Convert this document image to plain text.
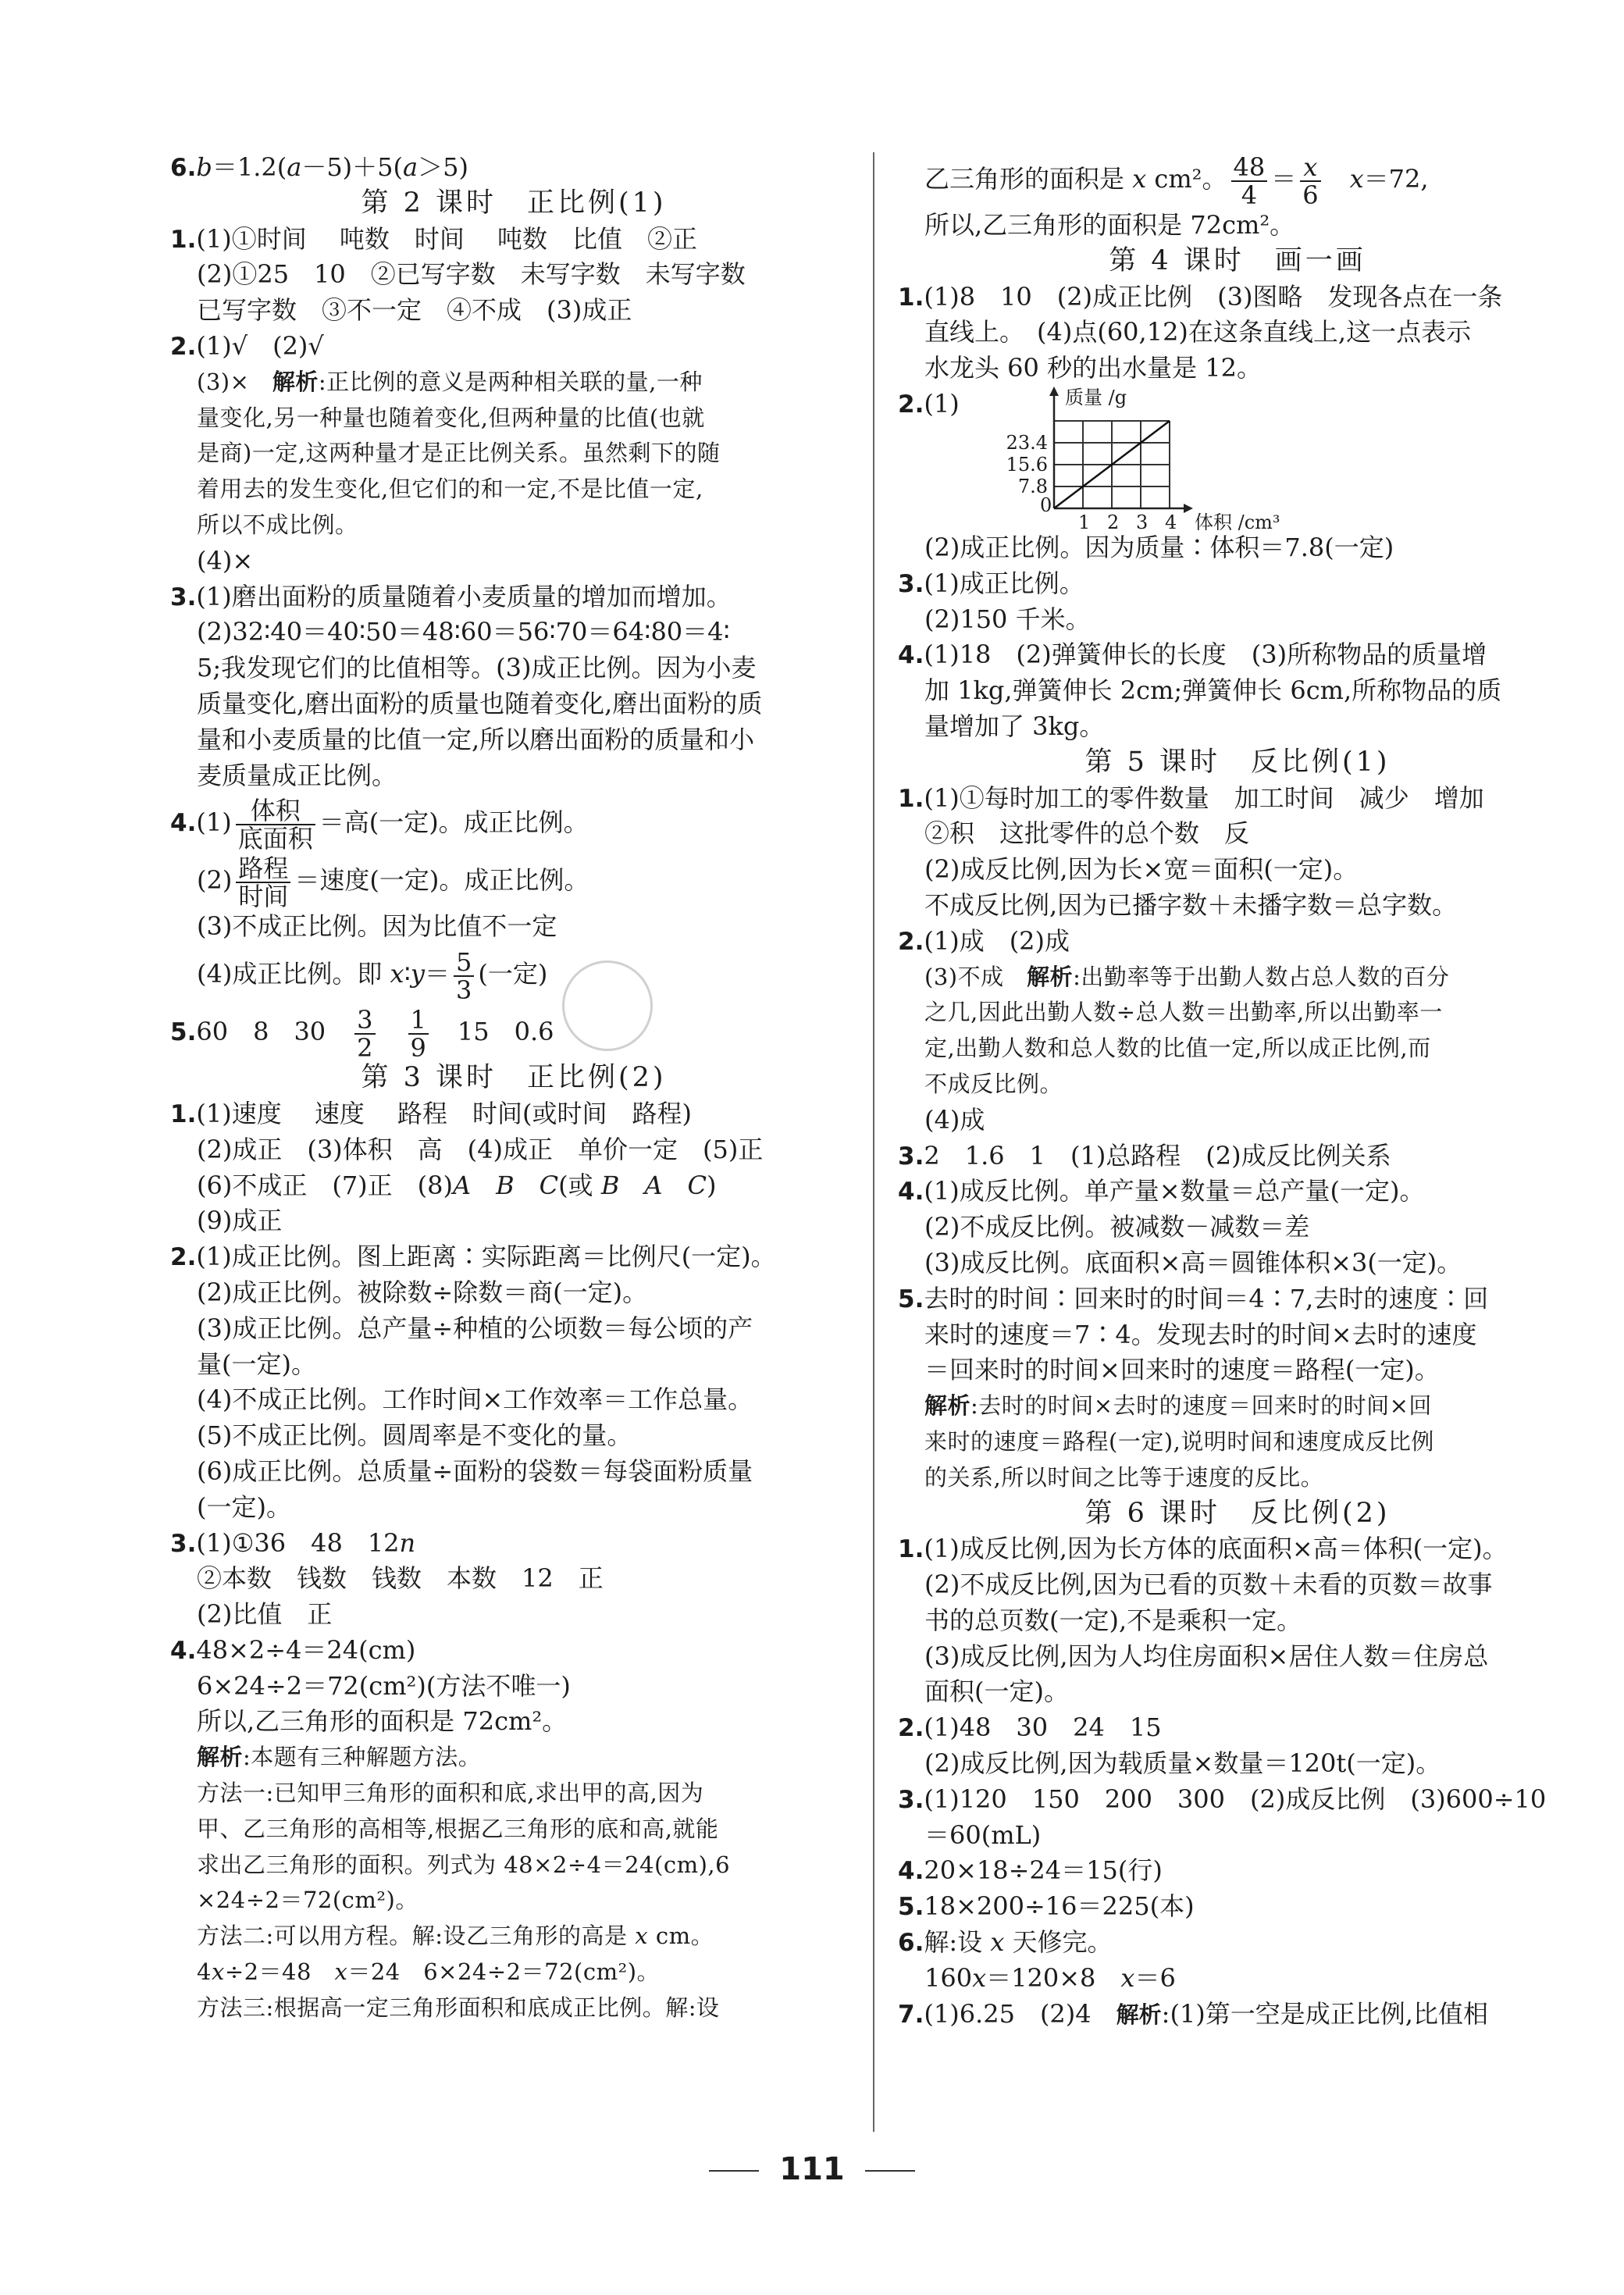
6.b＝1.2(a－5)＋5(a＞5)
第 2 课时　正比例(1)
1.(1)①时间　 吨数　时间　 吨数　比值　②正
(2)①25　10　②已写字数　未写字数　未写字数
已写字数　③不一定　④不成　(3)成正
2.(1)√　(2)√
(3)×　解析:正比例的意义是两种相关联的量,一种
量变化,另一种量也随着变化,但两种量的比值(也就
是商)一定,这两种量才是正比例关系。虽然剩下的随
着用去的发生变化,但它们的和一定,不是比值一定,
所以不成比例。
(4)×
3.(1)磨出面粉的质量随着小麦质量的增加而增加。
(2)32∶40＝40∶50＝48∶60＝56∶70＝64∶80＝4∶
5;我发现它们的比值相等。(3)成正比例。因为小麦
质量变化,磨出面粉的质量也随着变化,磨出面粉的质
量和小麦质量的比值一定,所以磨出面粉的质量和小
麦质量成正比例。
$4.(1) \frac{\text{体积}}{\text{底面积}}$ ＝高(一定)。成正比例。
$(2) \frac{\text{路程}}{\text{时间}}$ ＝速度(一定)。成正比例。
(3)不成正比例。因为比值不一定
(4)成正比例。即 x∶y＝ $\frac{5}{3}$ (一定)
5.60　8　30　 $\frac{3}{2}$
　 $\frac{1}{9}$ 　15　0.6
第 3 课时　正比例(2)
1.(1)速度　 速度　 路程　时间(或时间　路程)
(2)成正　(3)体积　高　(4)成正　单价一定　(5)正
(6)不成正　(7)正　(8)A　 B　 C(或 B　 A　 C)
(9)成正
2.(1)成正比例。图上距离∶实际距离＝比例尺(一定)。
(2)成正比例。被除数÷除数＝商(一定)。
(3)成正比例。总产量÷种植的公顷数＝每公顷的产
量(一定)。
(4)不成正比例。工作时间×工作效率＝工作总量。
(5)不成正比例。圆周率是不变化的量。
(6)成正比例。总质量÷面粉的袋数＝每袋面粉质量
(一定)。
3.(1)①36　48　12n
②本数　钱数　钱数　本数　12　正
(2)比值　正
4.48×2÷4＝24(cm)
6×24÷2＝72(cm²)(方法不唯一)
所以,乙三角形的面积是 72cm²。
解析:本题有三种解题方法。
方法一:已知甲三角形的面积和底,求出甲的高,因为
甲、乙三角形的高相等,根据乙三角形的底和高,就能
求出乙三角形的面积。列式为 48×2÷4＝24(cm),6
×24÷2＝72(cm²)。
方法二:可以用方程。解:设乙三角形的高是 x cm。
4x÷2＝48　x＝24　6×24÷2＝72(cm²)。
方法三:根据高一定三角形面积和底成正比例。解:设
乙三角形的面积是 x cm²。 $\frac{48}{4} = \frac{x}{6}$
　 x＝72,
所以,乙三角形的面积是 72cm²。
第 4 课时　画一画
1.(1)8　10　(2)成正比例　(3)图略　发现各点在一条
直线上。　(4)点(60,12)在这条直线上,这一点表示
水龙头 60 秒的出水量是 12。
2.(1)
0
1 2 3 4
7.8
15.6
23.4
质量 /g
体积 /cm³
(2)成正比例。因为质量∶体积＝7.8(一定)
3.(1)成正比例。
(2)150 千米。
4.(1)18　(2)弹簧伸长的长度　(3)所称物品的质量增
加 1kg,弹簧伸长 2cm;弹簧伸长 6cm,所称物品的质
量增加了 3kg。
第 5 课时　反比例(1)
1.(1)①每时加工的零件数量　加工时间　减少　增加
②积　这批零件的总个数　反
(2)成反比例,因为长×宽＝面积(一定)。
不成反比例,因为已播字数＋未播字数＝总字数。
2.(1)成　(2)成
(3)不成　解析:出勤率等于出勤人数占总人数的百分
之几,因此出勤人数÷总人数＝出勤率,所以出勤率一
定,出勤人数和总人数的比值一定,所以成正比例,而
不成反比例。
(4)成
3.2　1.6　1　(1)总路程　(2)成反比例关系
4.(1)成反比例。单产量×数量＝总产量(一定)。
(2)不成反比例。被减数－减数＝差
(3)成反比例。底面积×高＝圆锥体积×3(一定)。
5.去时的时间∶回来时的时间＝4∶7,去时的速度∶回
来时的速度＝7∶4。发现去时的时间×去时的速度
＝回来时的时间×回来时的速度＝路程(一定)。
解析:去时的时间×去时的速度＝回来时的时间×回
来时的速度＝路程(一定),说明时间和速度成反比例
的关系,所以时间之比等于速度的反比。
第 6 课时　反比例(2)
1.(1)成反比例,因为长方体的底面积×高＝体积(一定)。
(2)不成反比例,因为已看的页数＋未看的页数＝故事
书的总页数(一定),不是乘积一定。
(3)成反比例,因为人均住房面积×居住人数＝住房总
面积(一定)。
2.(1)48　30　24　15
(2)成反比例,因为载质量×数量＝120t(一定)。
3.(1)120　150　200　300　(2)成反比例　(3)600÷10
＝60(mL)
4.20×18÷24＝15(行)
5.18×200÷16＝225(本)
6.解:设 x 天修完。
160x＝120×8　x＝6
7.(1)6.25　(2)4　解析:(1)第一空是成正比例,比值相
111
